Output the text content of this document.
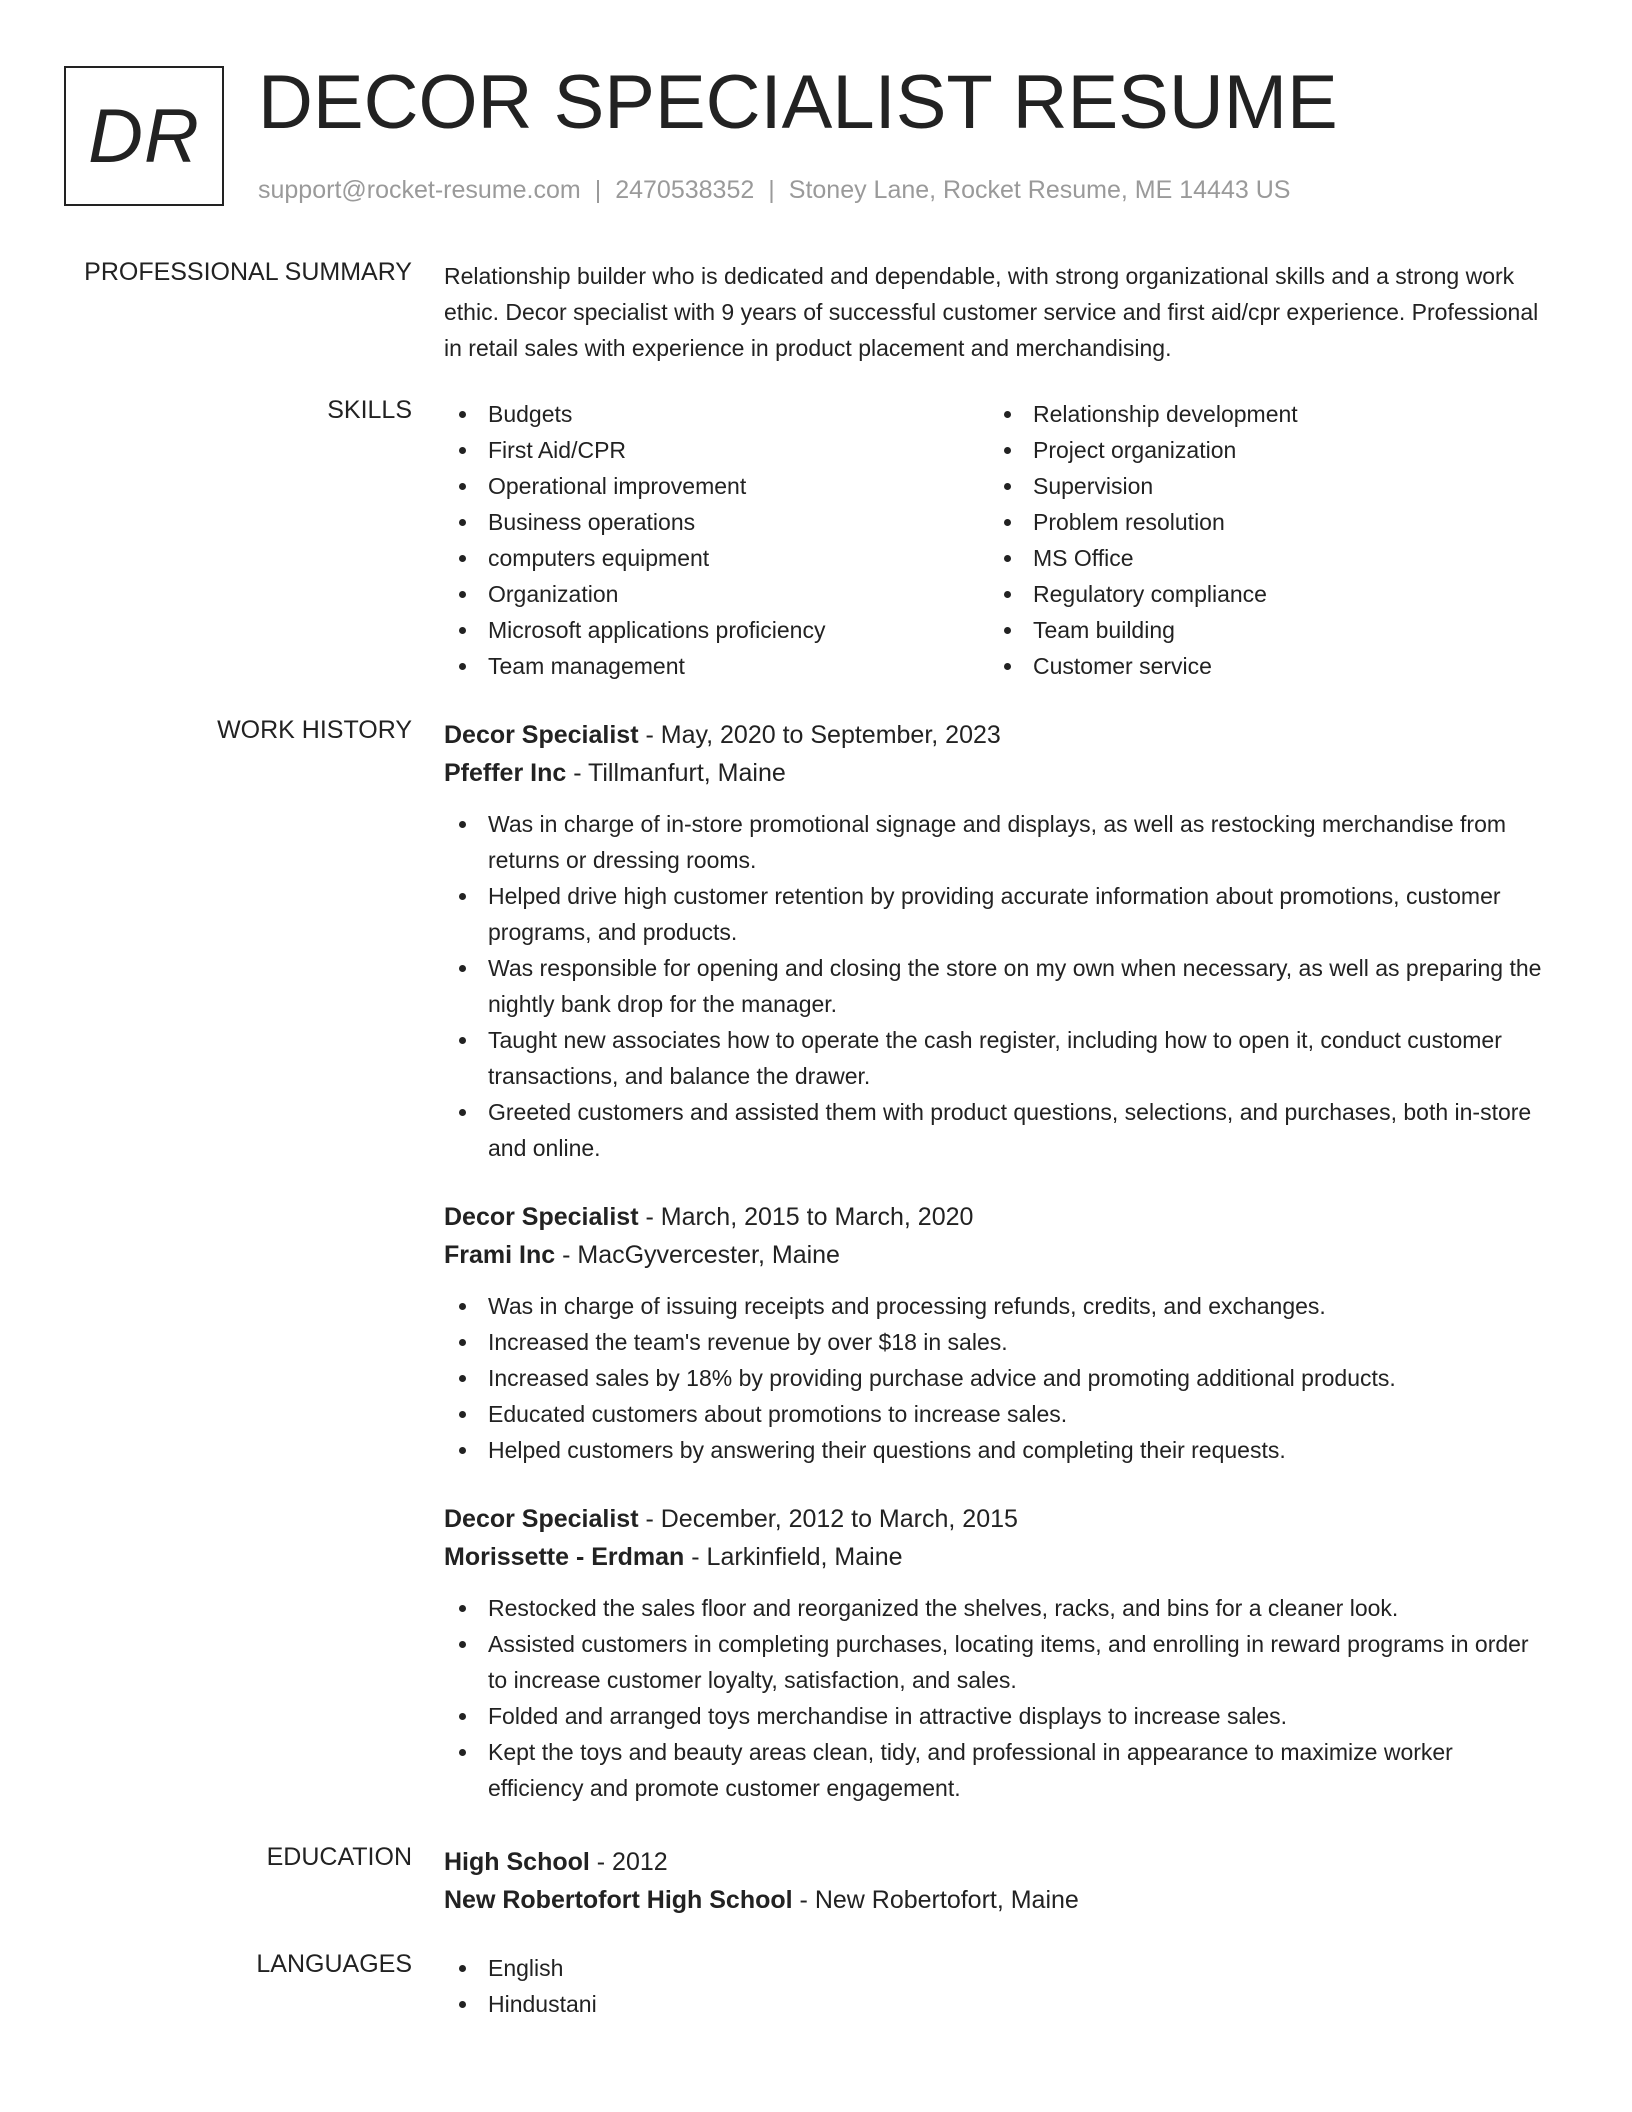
DR DECOR SPECIALIST RESUME
support@rocket-resume.com | 2470538352 | Stoney Lane, Rocket Resume, ME 14443 US
PROFESSIONAL SUMMARY Relationship builder who is dedicated and dependable, with strong organizational skills and a strong work ethic. Decor specialist with 9 years of successful customer service and first aid/cpr experience. Professional in retail sales with experience in product placement and merchandising.

SKILLS	Budgets
First Aid/CPR
Operational improvement
Business operations
computers equipment
Organization
Microsoft applications proficiency
Team management
Relationship development
Project organization
Supervision
Problem resolution
MS Office
Regulatory compliance
Team building
Customer service
WORK HISTORY Decor Specialist - May, 2020 to September, 2023
Pfeffer Inc - Tillmanfurt, Maine
Was in charge of in-store promotional signage and displays, as well as restocking merchandise from returns or dressing rooms.
Helped drive high customer retention by providing accurate information about promotions, customer programs, and products.
Was responsible for opening and closing the store on my own when necessary, as well as preparing the nightly bank drop for the manager.
Taught new associates how to operate the cash register, including how to open it, conduct customer transactions, and balance the drawer.
Greeted customers and assisted them with product questions, selections, and purchases, both in-store and online.
Decor Specialist - March, 2015 to March, 2020
Frami Inc - MacGyvercester, Maine
Was in charge of issuing receipts and processing refunds, credits, and exchanges.
Increased the team's revenue by over $18 in sales.
Increased sales by 18% by providing purchase advice and promoting additional products.
Educated customers about promotions to increase sales.
Helped customers by answering their questions and completing their requests.
Decor Specialist - December, 2012 to March, 2015
Morissette - Erdman - Larkinfield, Maine
Restocked the sales floor and reorganized the shelves, racks, and bins for a cleaner look.
Assisted customers in completing purchases, locating items, and enrolling in reward programs in order to increase customer loyalty, satisfaction, and sales.
Folded and arranged toys merchandise in attractive displays to increase sales.
Kept the toys and beauty areas clean, tidy, and professional in appearance to maximize worker efficiency and promote customer engagement.
EDUCATION High School - 2012
New Robertofort High School - New Robertofort, Maine
LANGUAGES	English
Hindustani
